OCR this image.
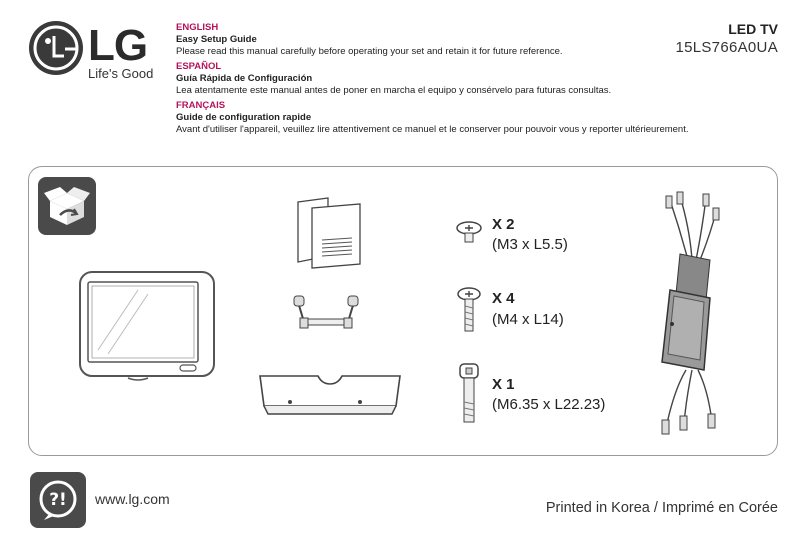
LG
Life's Good
ENGLISH
Easy Setup Guide
Please read this manual carefully before operating your set and retain it for future reference.
ESPAÑOL
Guía Rápida de Configuración
Lea atentamente este manual antes de poner en marcha el equipo y consérvelo para futuras consultas.
FRANÇAIS
Guide de configuration rapide
Avant d'utiliser l'appareil, veuillez lire attentivement ce manuel et le conserver pour pouvoir vous y reporter ultérieurement.
LED TV
15LS766A0UA
X 2
(M3 x L5.5)
X 4
(M4 x L14)
X 1
(M6.35 x L22.23)
?! www.lg.com
Printed in Korea / Imprimé en Corée
